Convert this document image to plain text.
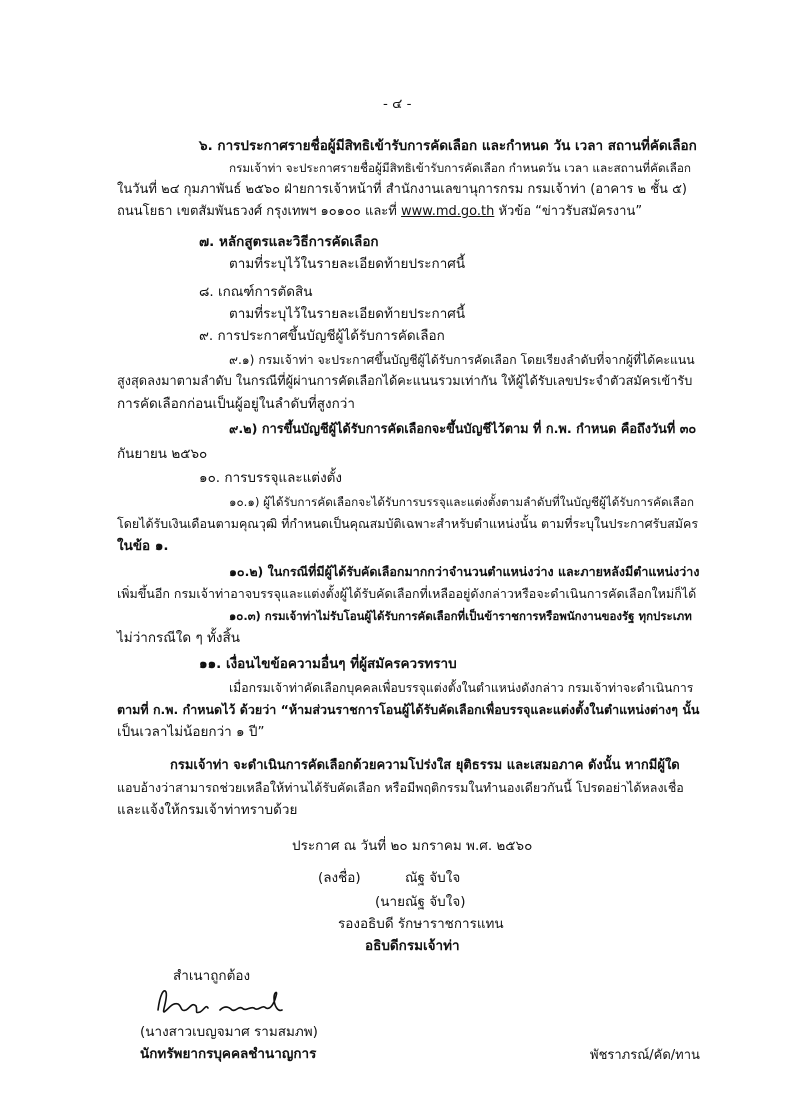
- ๔ -
๖. การประกาศรายชื่อผู้มีสิทธิเข้ารับการคัดเลือก และกำหนด วัน เวลา สถานที่คัดเลือก
กรมเจ้าท่า จะประกาศรายชื่อผู้มีสิทธิเข้ารับการคัดเลือก กำหนดวัน เวลา และสถานที่คัดเลือก
ในวันที่ ๒๔ กุมภาพันธ์ ๒๕๖๐ ฝ่ายการเจ้าหน้าที่ สำนักงานเลขานุการกรม กรมเจ้าท่า (อาคาร ๒ ชั้น ๕)
ถนนโยธา เขตสัมพันธวงศ์ กรุงเทพฯ ๑๐๑๐๐ และที่ www.md.go.th หัวข้อ “ข่าวรับสมัครงาน”
๗. หลักสูตรและวิธีการคัดเลือก
ตามที่ระบุไว้ในรายละเอียดท้ายประกาศนี้
๘. เกณฑ์การตัดสิน
ตามที่ระบุไว้ในรายละเอียดท้ายประกาศนี้
๙. การประกาศขึ้นบัญชีผู้ได้รับการคัดเลือก
๙.๑) กรมเจ้าท่า จะประกาศขึ้นบัญชีผู้ได้รับการคัดเลือก โดยเรียงลำดับที่จากผู้ที่ได้คะแนน
สูงสุดลงมาตามลำดับ ในกรณีที่ผู้ผ่านการคัดเลือกได้คะแนนรวมเท่ากัน ให้ผู้ได้รับเลขประจำตัวสมัครเข้ารับ
การคัดเลือกก่อนเป็นผู้อยู่ในลำดับที่สูงกว่า
๙.๒) การขึ้นบัญชีผู้ได้รับการคัดเลือกจะขึ้นบัญชีไว้ตาม ที่ ก.พ. กำหนด คือถึงวันที่ ๓๐
กันยายน ๒๕๖๐
๑๐. การบรรจุและแต่งตั้ง
๑๐.๑) ผู้ได้รับการคัดเลือกจะได้รับการบรรจุและแต่งตั้งตามลำดับที่ในบัญชีผู้ได้รับการคัดเลือก
โดยได้รับเงินเดือนตามคุณวุฒิ ที่กำหนดเป็นคุณสมบัติเฉพาะสำหรับตำแหน่งนั้น ตามที่ระบุในประกาศรับสมัคร
ในข้อ ๑.
๑๐.๒) ในกรณีที่มีผู้ได้รับคัดเลือกมากกว่าจำนวนตำแหน่งว่าง และภายหลังมีตำแหน่งว่าง
เพิ่มขึ้นอีก กรมเจ้าท่าอาจบรรจุและแต่งตั้งผู้ได้รับคัดเลือกที่เหลืออยู่ดังกล่าวหรือจะดำเนินการคัดเลือกใหม่ก็ได้
๑๐.๓) กรมเจ้าท่าไม่รับโอนผู้ได้รับการคัดเลือกที่เป็นข้าราชการหรือพนักงานของรัฐ ทุกประเภท
ไม่ว่ากรณีใด ๆ ทั้งสิ้น
๑๑. เงื่อนไขข้อความอื่นๆ ที่ผู้สมัครควรทราบ
เมื่อกรมเจ้าท่าคัดเลือกบุคคลเพื่อบรรจุแต่งตั้งในตำแหน่งดังกล่าว กรมเจ้าท่าจะดำเนินการ
ตามที่ ก.พ. กำหนดไว้ ด้วยว่า “ห้ามส่วนราชการโอนผู้ได้รับคัดเลือกเพื่อบรรจุและแต่งตั้งในตำแหน่งต่างๆ นั้น
เป็นเวลาไม่น้อยกว่า ๑ ปี”
กรมเจ้าท่า จะดำเนินการคัดเลือกด้วยความโปร่งใส ยุติธรรม และเสมอภาค ดังนั้น หากมีผู้ใด
แอบอ้างว่าสามารถช่วยเหลือให้ท่านได้รับคัดเลือก หรือมีพฤติกรรมในทำนองเดียวกันนี้ โปรดอย่าได้หลงเชื่อ
และแจ้งให้กรมเจ้าท่าทราบด้วย
ประกาศ ณ วันที่ ๒๐ มกราคม พ.ศ. ๒๕๖๐
(ลงชื่อ)	ณัฐ จับใจ
(นายณัฐ จับใจ)
รองอธิบดี รักษาราชการแทน
อธิบดีกรมเจ้าท่า
สำเนาถูกต้อง
(นางสาวเบญจมาศ รามสมภพ)
นักทรัพยากรบุคคลชำนาญการ	พัชราภรณ์/คัด/ทาน
